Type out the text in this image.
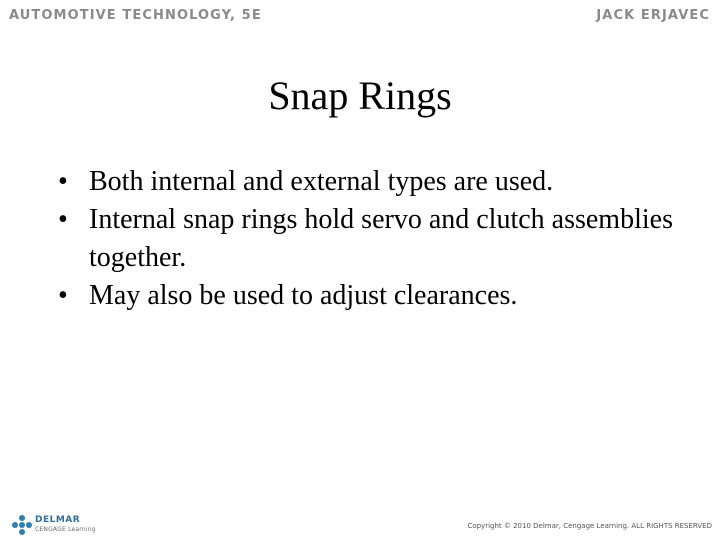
AUTOMOTIVE TECHNOLOGY, 5E	JACK ERJAVEC
Snap Rings
• Both internal and external types are used.
• Internal snap rings hold servo and clutch assemblies together.
• May also be used to adjust clearances.
DELMAR
CENGAGE Learning	Copyright © 2010 Delmar, Cengage Learning. ALL RIGHTS RESERVED
